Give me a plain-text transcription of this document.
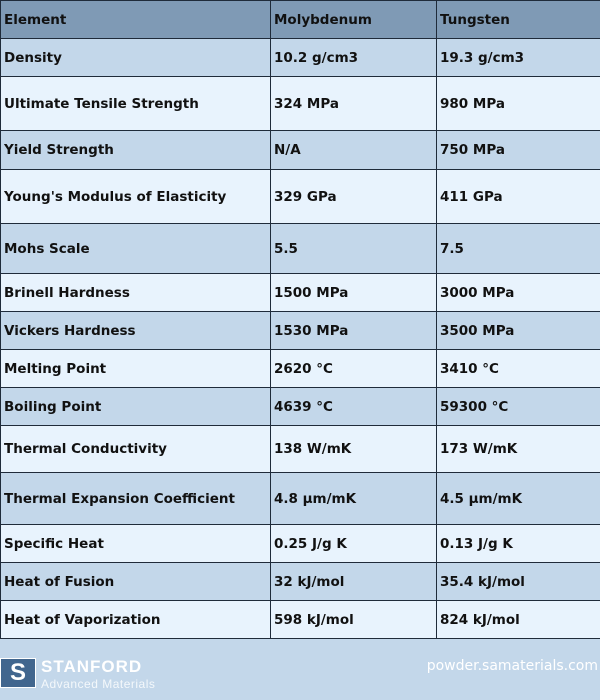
Element	Molybdenum	Tungsten
Density	10.2 g/cm3	19.3 g/cm3
Ultimate Tensile Strength	324 MPa	980 MPa
Yield Strength	N/A	750 MPa
Young's Modulus of Elasticity	329 GPa	411 GPa
Mohs Scale	5.5	7.5
Brinell Hardness	1500 MPa	3000 MPa
Vickers Hardness	1530 MPa	3500 MPa
Melting Point	2620 °C	3410 °C
Boiling Point	4639 °C	59300 °C
Thermal Conductivity	138 W/mK	173 W/mK
Thermal Expansion Coefficient	4.8 μm/mK	4.5 μm/mK
Specific Heat	0.25 J/g K	0.13 J/g K
Heat of Fusion	32 kJ/mol	35.4 kJ/mol
Heat of Vaporization	598 kJ/mol	824 kJ/mol
S STANFORD
Advanced Materials
powder.samaterials.com
